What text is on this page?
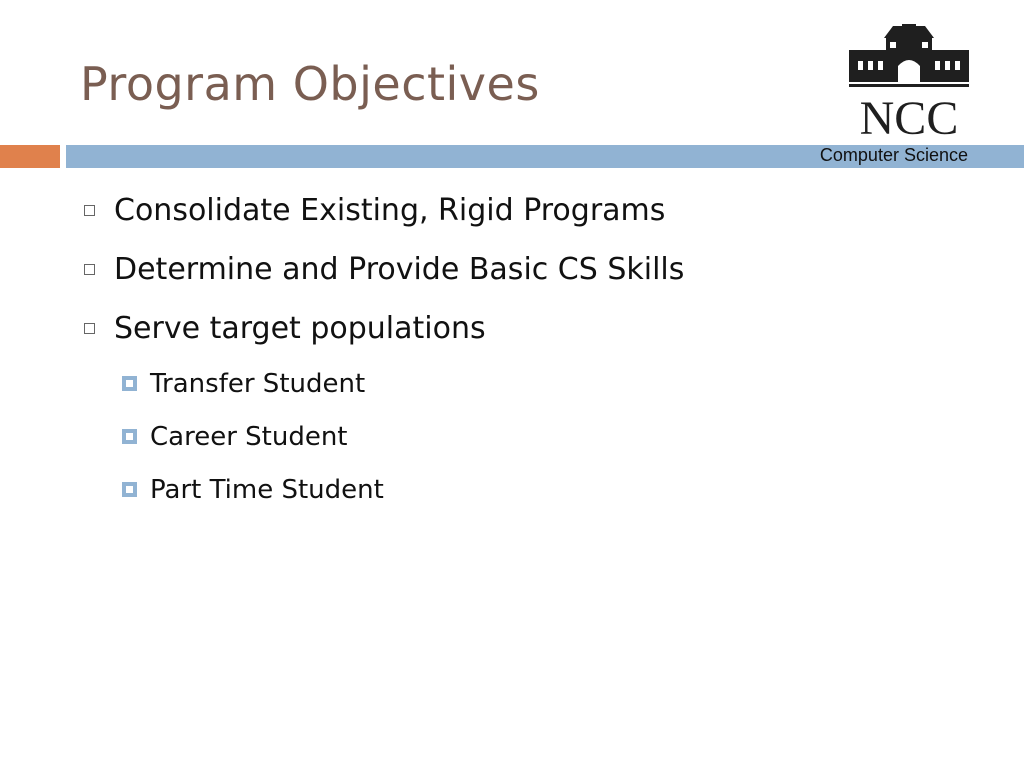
Program Objectives
NCC
Computer Science
Consolidate Existing, Rigid Programs
Determine and Provide Basic CS Skills
Serve target populations
Transfer Student
Career Student
Part Time Student
